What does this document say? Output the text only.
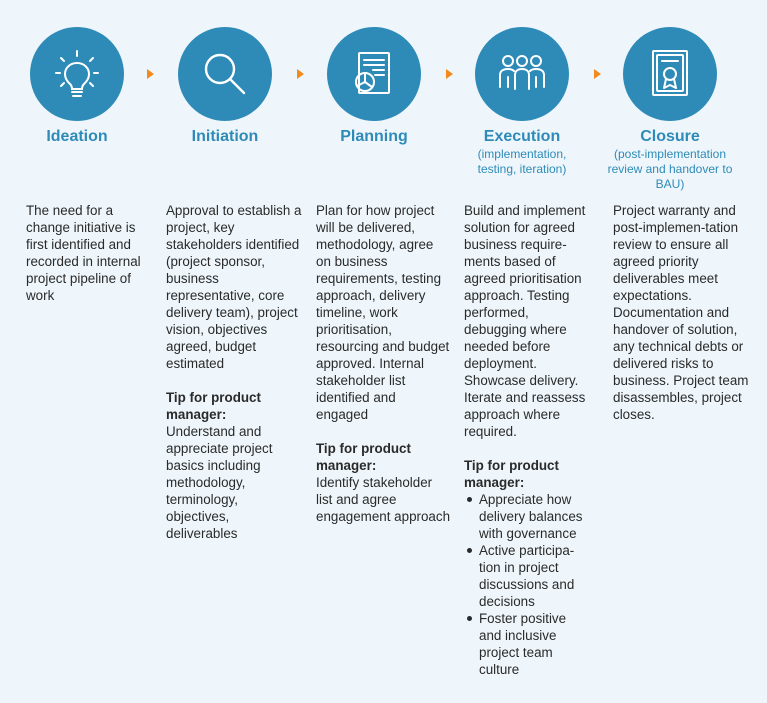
Ideation
The need for a change initiative is first identified and recorded in internal project pipeline of work
Initiation
Approval to establish a project, key stakeholders identified (project sponsor, business representative, core delivery team), project vision, objectives agreed, budget estimated
Tip for product manager:
Understand and appreciate project basics including methodology, terminology, objectives, deliverables
Planning
Plan for how project will be delivered, methodology, agree on business requirements, testing approach, delivery timeline, work prioritisation, resourcing and budget approved. Internal stakeholder list identified and engaged
Tip for product manager:
Identify stakeholder list and agree engagement approach
Execution
(implementation, testing, iteration)
Build and implement solution for agreed business require-ments based of agreed prioritisation approach. Testing performed, debugging where needed before deployment. Showcase delivery. Iterate and reassess approach where required.
Tip for product manager:
Appreciate how delivery balances with governance
Active participa-tion in project discussions and decisions
Foster positive and inclusive project team culture
Closure
(post-implementation review and handover to BAU)
Project warranty and post-implemen-tation review to ensure all agreed priority deliverables meet expectations. Documentation and handover of solution, any technical debts or delivered risks to business. Project team disassembles, project closes.
